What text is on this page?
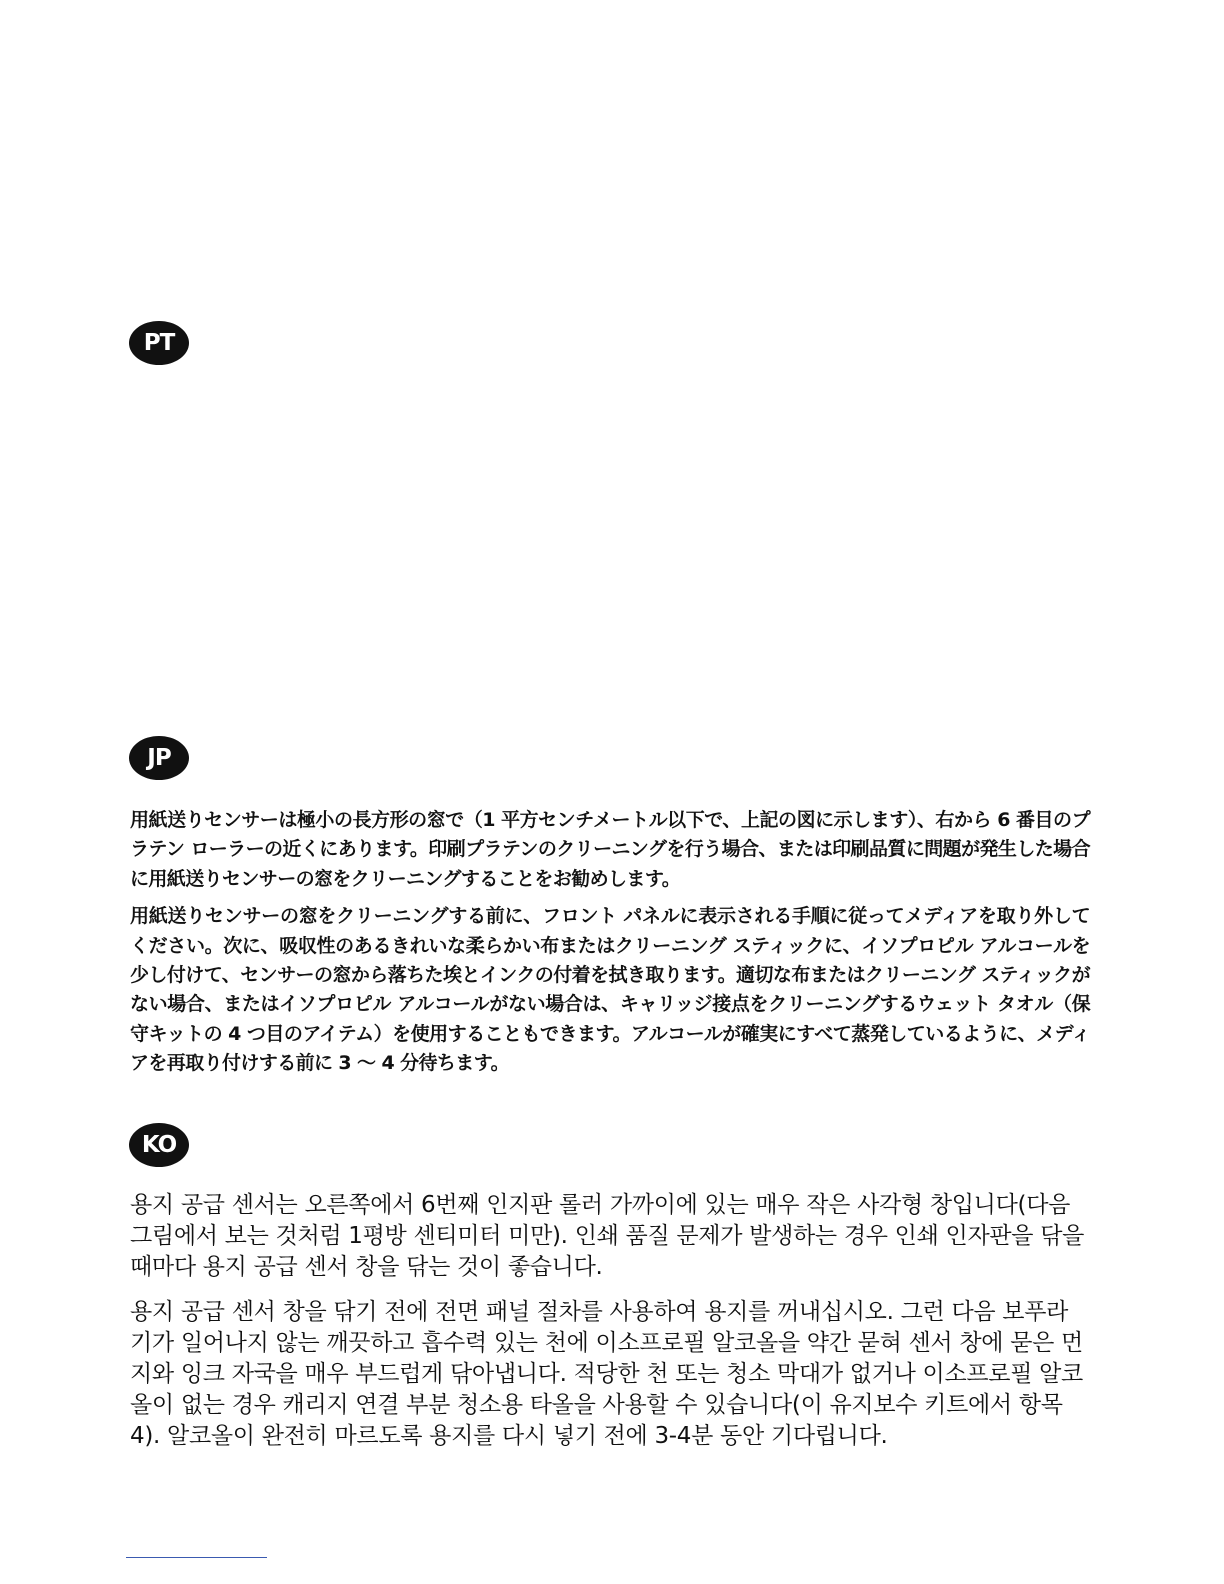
PT
JP

用紙送りセンサーは極小の長方形の窓で（1 平方センチメートル以下で、上記の図に示します）、右から 6 番目のプラテン ローラーの近くにあります。印刷プラテンのクリーニングを行う場合、または印刷品質に問題が発生した場合に用紙送りセンサーの窓をクリーニングすることをお勧めします。

用紙送りセンサーの窓をクリーニングする前に、フロント パネルに表示される手順に従ってメディアを取り外してください。次に、吸収性のあるきれいな柔らかい布またはクリーニング スティックに、イソプロピル アルコールを少し付けて、センサーの窓から落ちた埃とインクの付着を拭き取ります。適切な布またはクリーニング スティックがない場合、またはイソプロピル アルコールがない場合は、キャリッジ接点をクリーニングするウェット タオル（保守キットの 4 つ目のアイテム）を使用することもできます。アルコールが確実にすべて蒸発しているように、メディアを再取り付けする前に 3 ～ 4 分待ちます。

KO

용지 공급 센서는 오른쪽에서 6번째 인지판 롤러 가까이에 있는 매우 작은 사각형 창입니다(다음 그림에서 보는 것처럼 1평방 센티미터 미만). 인쇄 품질 문제가 발생하는 경우 인쇄 인자판을 닦을 때마다 용지 공급 센서 창을 닦는 것이 좋습니다.

용지 공급 센서 창을 닦기 전에 전면 패널 절차를 사용하여 용지를 꺼내십시오. 그런 다음 보푸라기가 일어나지 않는 깨끗하고 흡수력 있는 천에 이소프로필 알코올을 약간 묻혀 센서 창에 묻은 먼지와 잉크 자국을 매우 부드럽게 닦아냅니다. 적당한 천 또는 청소 막대가 없거나 이소프로필 알코올이 없는 경우 캐리지 연결 부분 청소용 타올을 사용할 수 있습니다(이 유지보수 키트에서 항목 4). 알코올이 완전히 마르도록 용지를 다시 넣기 전에 3-4분 동안 기다립니다.
